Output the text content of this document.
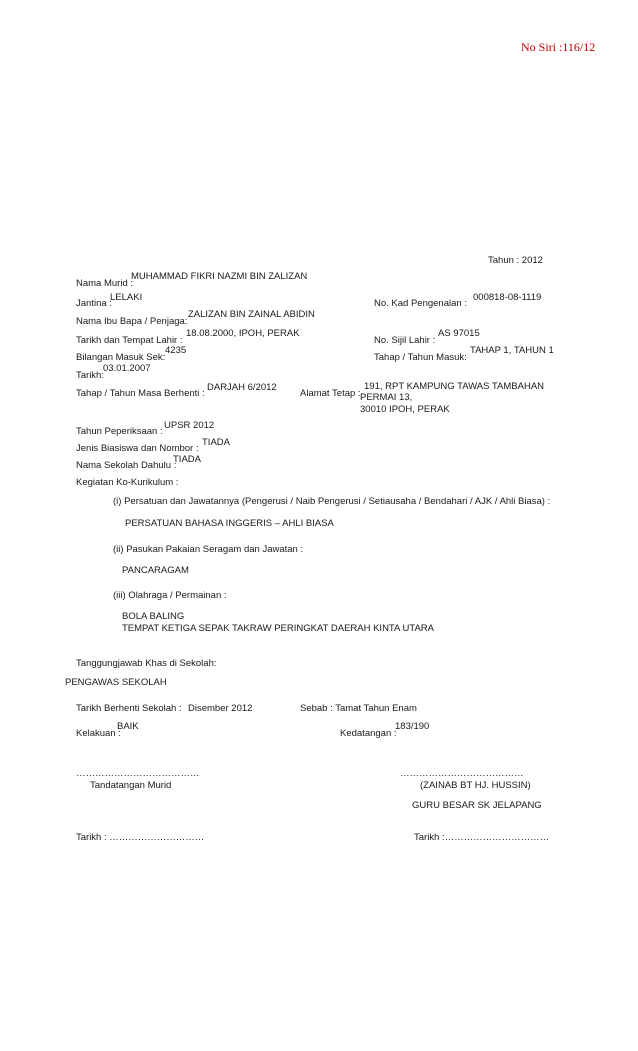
No Siri :116/12
Tahun : 2012
Nama Murid :
MUHAMMAD FIKRI NAZMI BIN ZALIZAN
Jantina :
LELAKI
No. Kad Pengenalan :
000818-08-1119
Nama Ibu Bapa / Penjaga:
ZALIZAN BIN ZAINAL ABIDIN
Tarikh dan Tempat Lahir :
18.08.2000, IPOH, PERAK
No. Sijil Lahir :
AS 97015
Bilangan Masuk Sek:
4235
Tahap / Tahun Masuk:
TAHAP 1, TAHUN 1
Tarikh:
03.01.2007
Tahap / Tahun Masa Berhenti :
DARJAH 6/2012
Alamat Tetap :
191, RPT KAMPUNG TAWAS TAMBAHAN
PERMAI 13,
30010 IPOH, PERAK
Tahun Peperiksaan :
UPSR 2012
Jenis Biasiswa dan Nombor :
TIADA
Nama Sekolah Dahulu :
TIADA
Kegiatan Ko-Kurikulum :
(i) Persatuan dan Jawatannya (Pengerusi / Naib Pengerusi / Setiausaha / Bendahari / AJK / Ahli Biasa) :
PERSATUAN BAHASA INGGERIS – AHLI BIASA
(ii) Pasukan Pakaian Seragam dan Jawatan :
PANCARAGAM
(iii) Olahraga / Permainan :
BOLA BALING
TEMPAT KETIGA SEPAK TAKRAW PERINGKAT DAERAH KINTA UTARA
Tanggungjawab Khas di Sekolah:
PENGAWAS SEKOLAH
Tarikh Berhenti Sekolah : Disember 2012	Sebab : Tamat Tahun Enam
Kelakuan :
BAIK
Kedatangan :
183/190
…………………………………
Tandatangan Murid
…………………………………
(ZAINAB BT HJ. HUSSIN)
GURU BESAR SK JELAPANG
Tarikh : …………………………	Tarikh :……………………………
